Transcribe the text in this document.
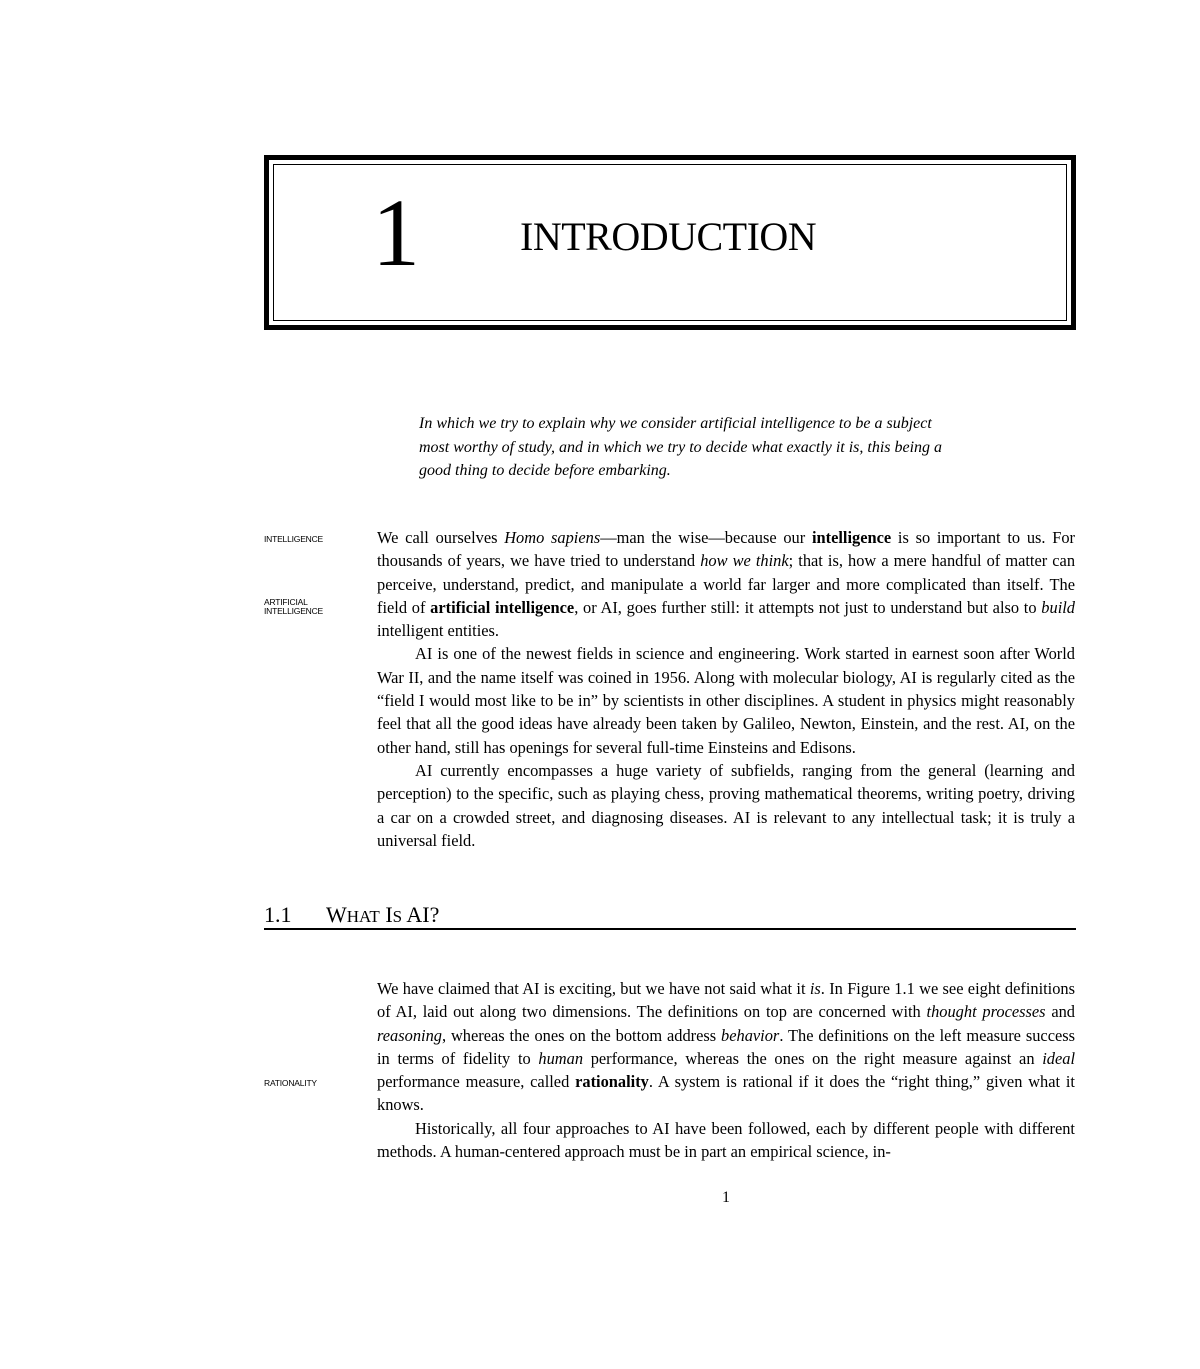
1	INTRODUCTION
In which we try to explain why we consider artificial intelligence to be a subject
most worthy of study, and in which we try to decide what exactly it is, this being a
good thing to decide before embarking.
INTELLIGENCE
ARTIFICIAL
INTELLIGENCE

We call ourselves Homo sapiens—man the wise—because our intelligence is so important to us. For thousands of years, we have tried to understand how we think; that is, how a mere handful of matter can perceive, understand, predict, and manipulate a world far larger and more complicated than itself. The field of artificial intelligence, or AI, goes further still: it attempts not just to understand but also to build intelligent entities.

AI is one of the newest fields in science and engineering. Work started in earnest soon after World War II, and the name itself was coined in 1956. Along with molecular biology, AI is regularly cited as the “field I would most like to be in” by scientists in other disciplines. A student in physics might reasonably feel that all the good ideas have already been taken by Galileo, Newton, Einstein, and the rest. AI, on the other hand, still has openings for several full-time Einsteins and Edisons.

AI currently encompasses a huge variety of subfields, ranging from the general (learning and perception) to the specific, such as playing chess, proving mathematical theorems, writing poetry, driving a car on a crowded street, and diagnosing diseases. AI is relevant to any intellectual task; it is truly a universal field.

1.1 WHAT IS AI?
RATIONALITY

We have claimed that AI is exciting, but we have not said what it is. In Figure 1.1 we see eight definitions of AI, laid out along two dimensions. The definitions on top are concerned with thought processes and reasoning, whereas the ones on the bottom address behavior. The definitions on the left measure success in terms of fidelity to human performance, whereas the ones on the right measure against an ideal performance measure, called rationality. A system is rational if it does the “right thing,” given what it knows.

Historically, all four approaches to AI have been followed, each by different people with different methods. A human-centered approach must be in part an empirical science, in-

1
